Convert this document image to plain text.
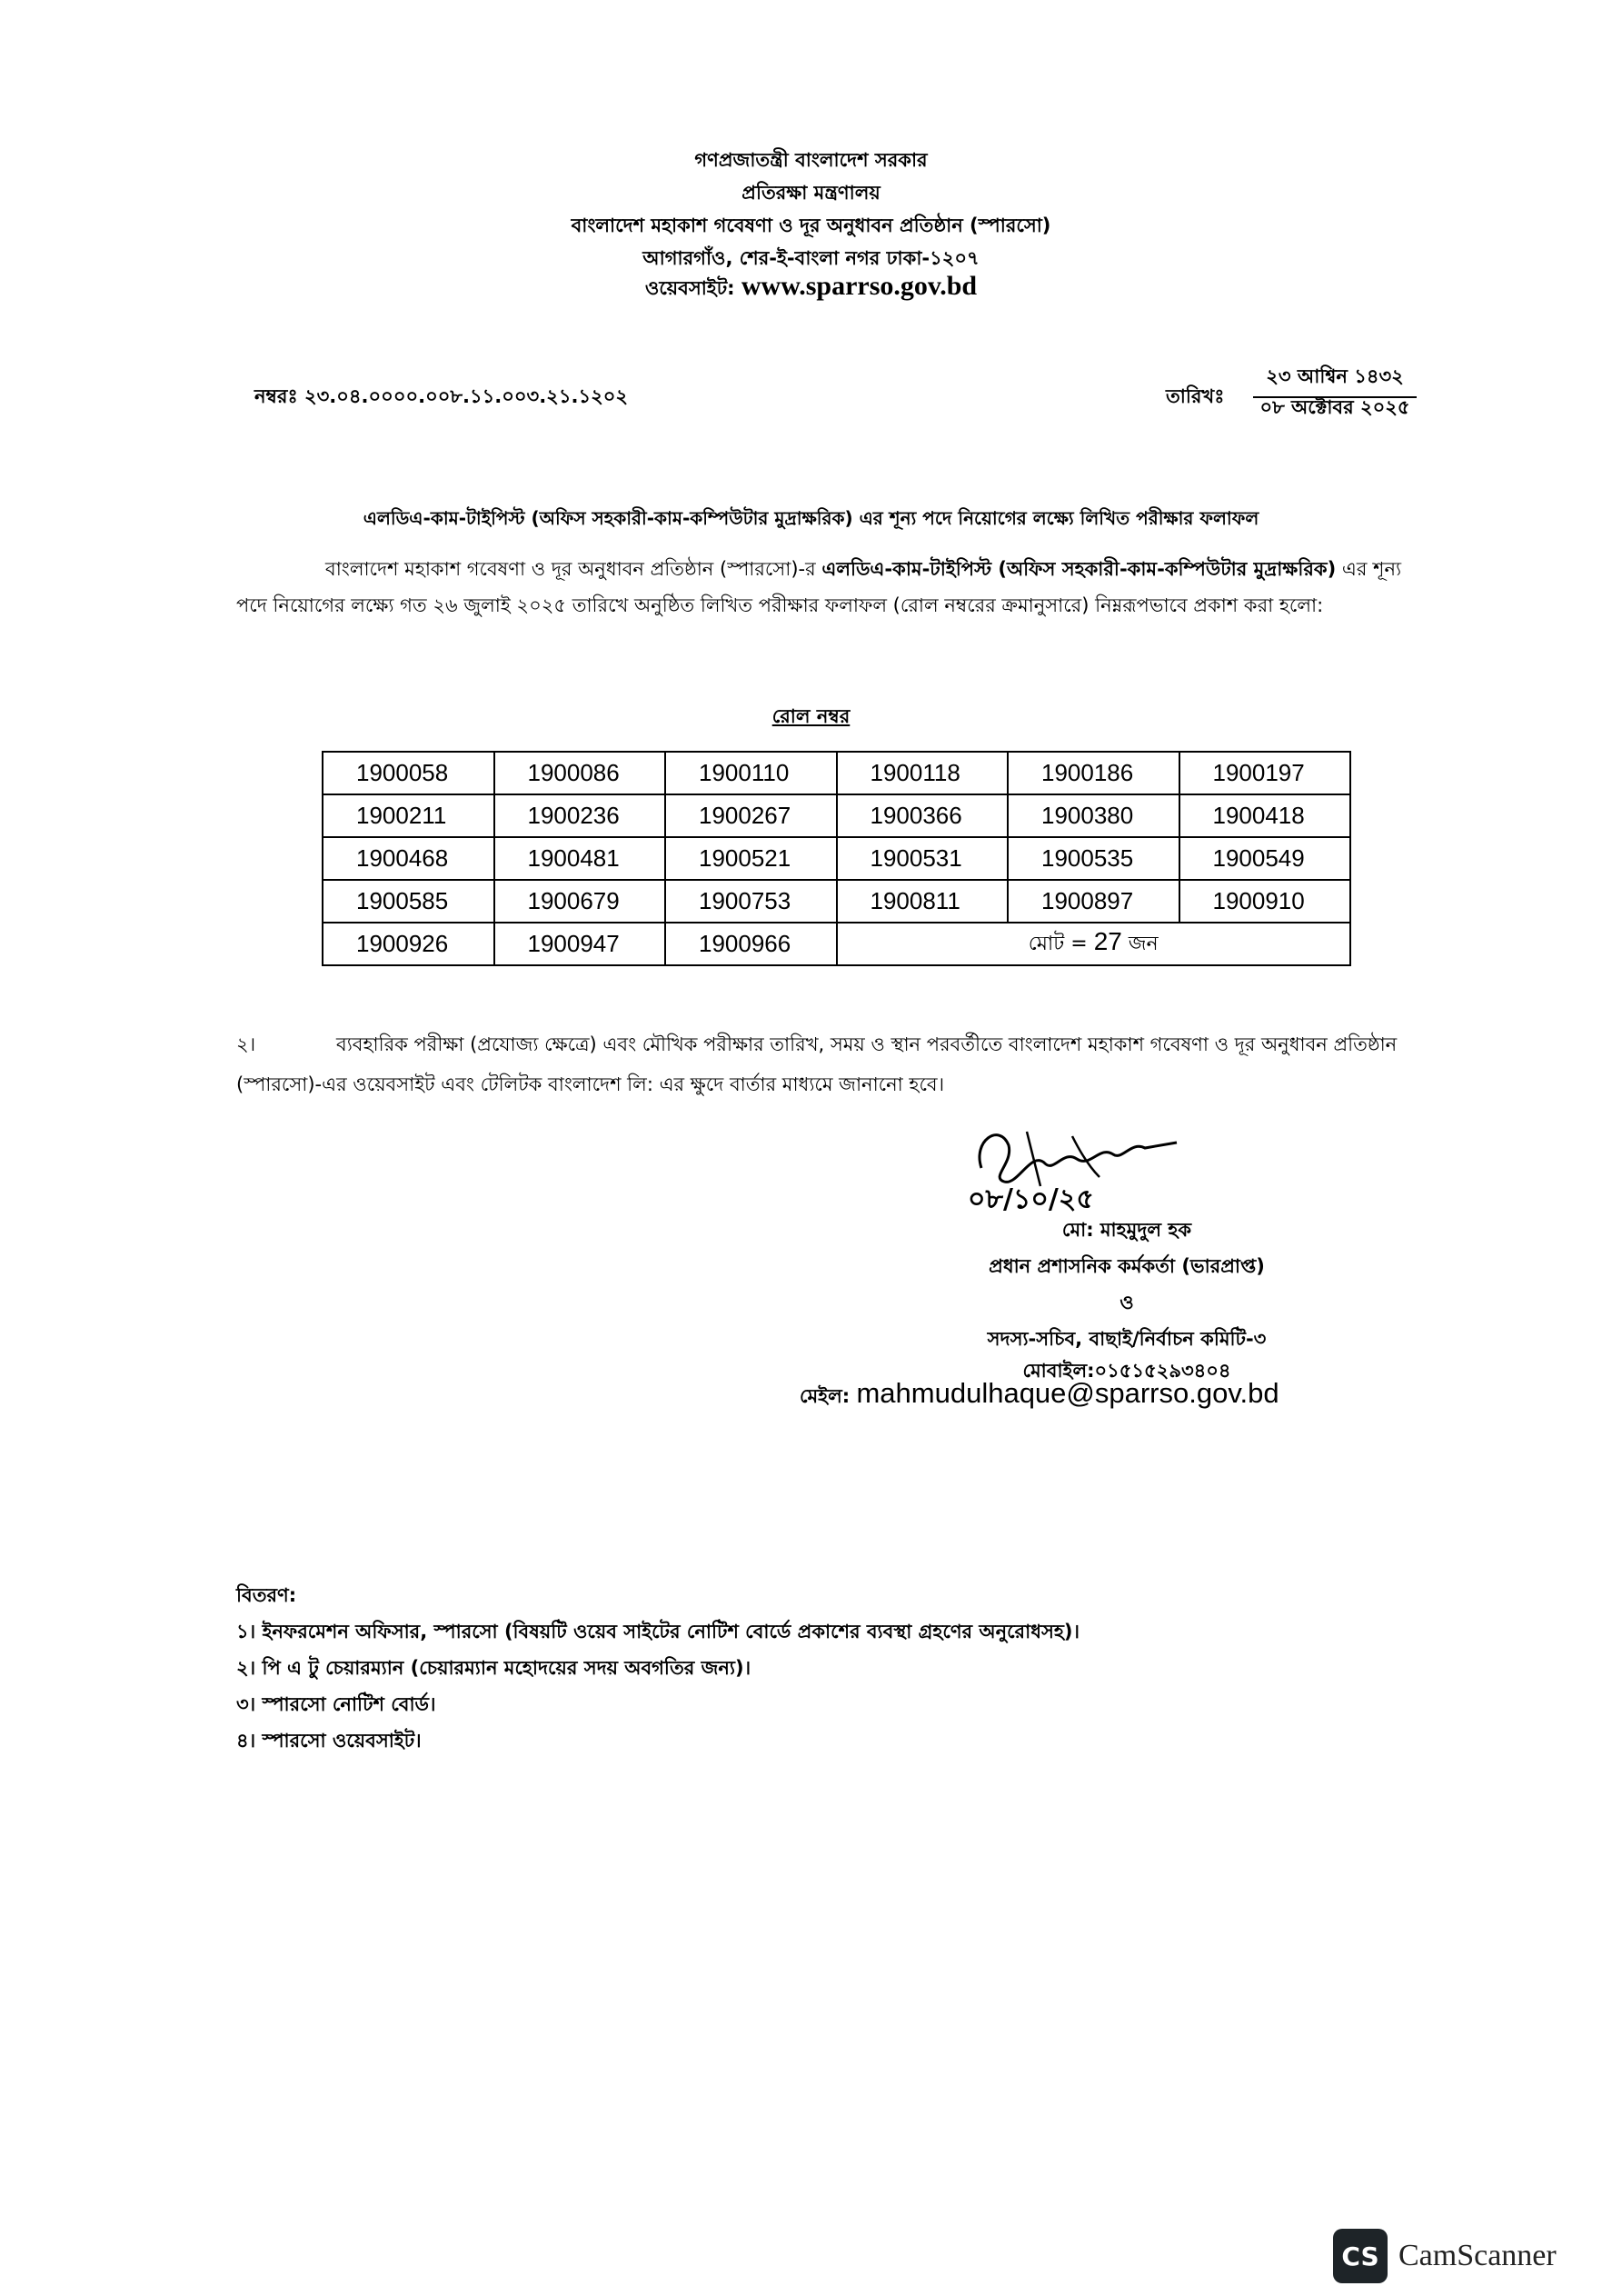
গণপ্রজাতন্ত্রী বাংলাদেশ সরকার
প্রতিরক্ষা মন্ত্রণালয়
বাংলাদেশ মহাকাশ গবেষণা ও দূর অনুধাবন প্রতিষ্ঠান (স্পারসো)
আগারগাঁও, শের-ই-বাংলা নগর ঢাকা-১২০৭
ওয়েবসাইট: www.sparrso.gov.bd
নম্বরঃ ২৩.০৪.০০০০.০০৮.১১.০০৩.২১.১২০২	তারিখঃ
২৩ আশ্বিন ১৪৩২
০৮ অক্টোবর ২০২৫
এলডিএ-কাম-টাইপিস্ট (অফিস সহকারী-কাম-কম্পিউটার মুদ্রাক্ষরিক) এর শূন্য পদে নিয়োগের লক্ষ্যে লিখিত পরীক্ষার ফলাফল
বাংলাদেশ মহাকাশ গবেষণা ও দূর অনুধাবন প্রতিষ্ঠান (স্পারসো)-র এলডিএ-কাম-টাইপিস্ট (অফিস সহকারী-কাম-কম্পিউটার মুদ্রাক্ষরিক) এর শূন্য পদে নিয়োগের লক্ষ্যে গত ২৬ জুলাই ২০২৫ তারিখে অনুষ্ঠিত লিখিত পরীক্ষার ফলাফল (রোল নম্বরের ক্রমানুসারে) নিম্নরূপভাবে প্রকাশ করা হলো:
রোল নম্বর
1900058	1900086	1900110	1900118	1900186	1900197
1900211	1900236	1900267	1900366	1900380	1900418
1900468	1900481	1900521	1900531	1900535	1900549
1900585	1900679	1900753	1900811	1900897	1900910
1900926	1900947	1900966	মোট = 27 জন		
২।	ব্যবহারিক পরীক্ষা (প্রযোজ্য ক্ষেত্রে) এবং মৌখিক পরীক্ষার তারিখ, সময় ও স্থান পরবর্তীতে বাংলাদেশ মহাকাশ গবেষণা ও দূর অনুধাবন প্রতিষ্ঠান (স্পারসো)-এর ওয়েবসাইট এবং টেলিটক বাংলাদেশ লি: এর ক্ষুদে বার্তার মাধ্যমে জানানো হবে।
০৮/১০/২৫
মো: মাহমুদুল হক
প্রধান প্রশাসনিক কর্মকর্তা (ভারপ্রাপ্ত)
ও
সদস্য-সচিব, বাছাই/নির্বাচন কমিটি-৩
মোবাইল:০১৫১৫২৯৩৪০৪
মেইল: mahmudulhaque@sparrso.gov.bd
বিতরণ:
১। ইনফরমেশন অফিসার, স্পারসো (বিষয়টি ওয়েব সাইটের নোটিশ বোর্ডে প্রকাশের ব্যবস্থা গ্রহণের অনুরোধসহ)।
২। পি এ টু চেয়ারম্যান (চেয়ারম্যান মহোদয়ের সদয় অবগতির জন্য)।
৩। স্পারসো নোটিশ বোর্ড।
৪। স্পারসো ওয়েবসাইট।
CS CamScanner
